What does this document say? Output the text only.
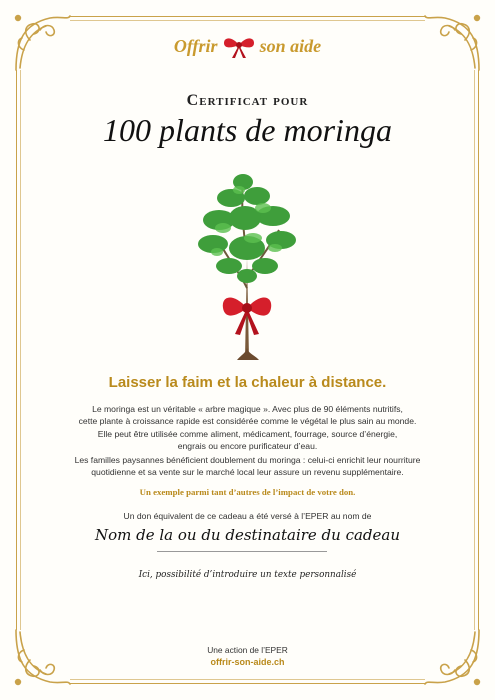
Offrir son aide
Certificat pour
100 plants de moringa
Laisser la faim et la chaleur à distance.
Le moringa est un véritable « arbre magique ». Avec plus de 90 éléments nutritifs,
cette plante à croissance rapide est considérée comme le végétal le plus sain au monde.
Elle peut être utilisée comme aliment, médicament, fourrage, source d’énergie,
engrais ou encore purificateur d’eau.
Les familles paysannes bénéficient doublement du moringa : celui-ci enrichit leur nourriture
quotidienne et sa vente sur le marché local leur assure un revenu supplémentaire.
Un exemple parmi tant d’autres de l’impact de votre don.
Un don équivalent de ce cadeau a été versé à l’EPER au nom de
Nom de la ou du destinataire du cadeau
Ici, possibilité d’introduire un texte personnalisé
Une action de l’EPER
offrir-son-aide.ch
